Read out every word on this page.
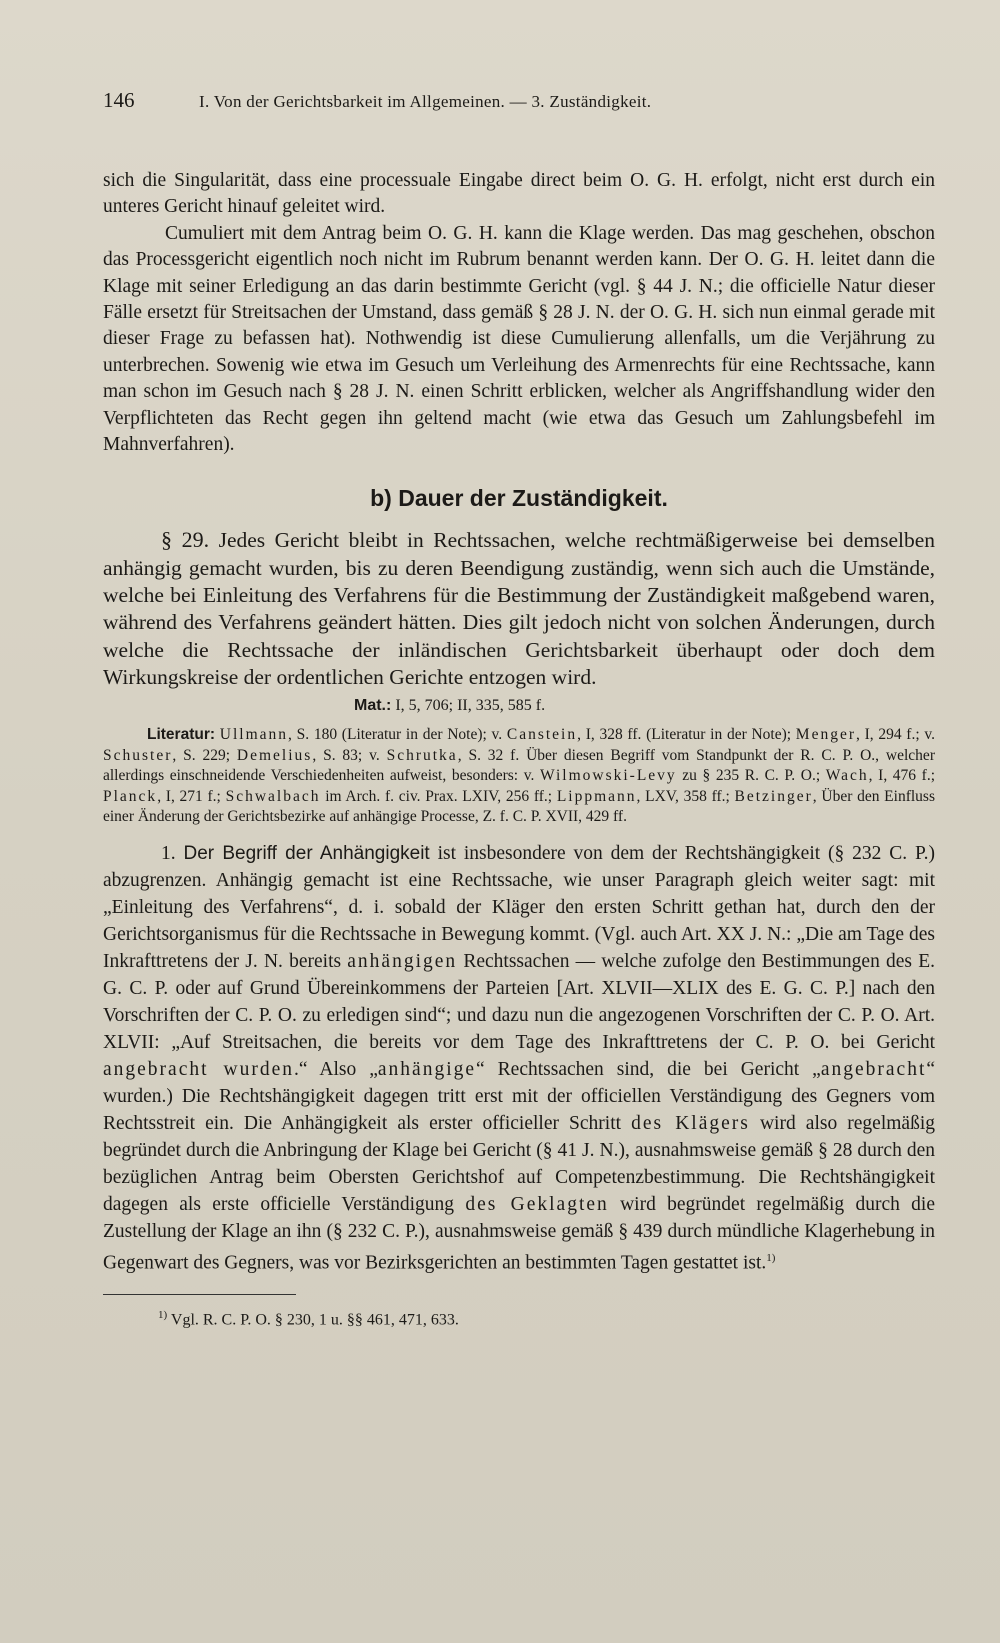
146	I. Von der Gerichtsbarkeit im Allgemeinen. — 3. Zuständigkeit.

sich die Singularität, dass eine processuale Eingabe direct beim O. G. H. erfolgt, nicht erst durch ein unteres Gericht hinauf geleitet wird.

Cumuliert mit dem Antrag beim O. G. H. kann die Klage werden. Das mag geschehen, obschon das Processgericht eigentlich noch nicht im Rubrum benannt werden kann. Der O. G. H. leitet dann die Klage mit seiner Erledigung an das darin bestimmte Gericht (vgl. § 44 J. N.; die officielle Natur dieser Fälle ersetzt für Streitsachen der Umstand, dass gemäß § 28 J. N. der O. G. H. sich nun einmal gerade mit dieser Frage zu befassen hat). Nothwendig ist diese Cumulierung allenfalls, um die Verjährung zu unterbrechen. Sowenig wie etwa im Gesuch um Verleihung des Armenrechts für eine Rechtssache, kann man schon im Gesuch nach § 28 J. N. einen Schritt erblicken, welcher als Angriffshandlung wider den Verpflichteten das Recht gegen ihn geltend macht (wie etwa das Gesuch um Zahlungsbefehl im Mahnverfahren).

b) Dauer der Zuständigkeit.

§ 29. Jedes Gericht bleibt in Rechtssachen, welche rechtmäßigerweise bei demselben anhängig gemacht wurden, bis zu deren Beendigung zuständig, wenn sich auch die Umstände, welche bei Einleitung des Verfahrens für die Bestimmung der Zuständigkeit maßgebend waren, während des Verfahrens geändert hätten. Dies gilt jedoch nicht von solchen Änderungen, durch welche die Rechtssache der inländischen Gerichtsbarkeit überhaupt oder doch dem Wirkungskreise der ordentlichen Gerichte entzogen wird.

Mat.: I, 5, 706; II, 335, 585 f.

Literatur: Ullmann, S. 180 (Literatur in der Note); v. Canstein, I, 328 ff. (Literatur in der Note); Menger, I, 294 f.; v. Schuster, S. 229; Demelius, S. 83; v. Schrutka, S. 32 f. Über diesen Begriff vom Standpunkt der R. C. P. O., welcher allerdings einschneidende Verschiedenheiten aufweist, besonders: v. Wilmowski-Levy zu § 235 R. C. P. O.; Wach, I, 476 f.; Planck, I, 271 f.; Schwalbach im Arch. f. civ. Prax. LXIV, 256 ff.; Lippmann, LXV, 358 ff.; Betzinger, Über den Einfluss einer Änderung der Gerichtsbezirke auf anhängige Processe, Z. f. C. P. XVII, 429 ff.

1. Der Begriff der Anhängigkeit ist insbesondere von dem der Rechtshängigkeit (§ 232 C. P.) abzugrenzen. Anhängig gemacht ist eine Rechtssache, wie unser Paragraph gleich weiter sagt: mit „Einleitung des Verfahrens“, d. i. sobald der Kläger den ersten Schritt gethan hat, durch den der Gerichtsorganismus für die Rechtssache in Bewegung kommt. (Vgl. auch Art. XX J. N.: „Die am Tage des Inkrafttretens der J. N. bereits anhängigen Rechtssachen — welche zufolge den Bestimmungen des E. G. C. P. oder auf Grund Übereinkommens der Parteien [Art. XLVII—XLIX des E. G. C. P.] nach den Vorschriften der C. P. O. zu erledigen sind“; und dazu nun die angezogenen Vorschriften der C. P. O. Art. XLVII: „Auf Streitsachen, die bereits vor dem Tage des Inkrafttretens der C. P. O. bei Gericht angebracht wurden.“ Also „anhängige“ Rechtssachen sind, die bei Gericht „angebracht“ wurden.) Die Rechtshängigkeit dagegen tritt erst mit der officiellen Verständigung des Gegners vom Rechtsstreit ein. Die Anhängigkeit als erster officieller Schritt des Klägers wird also regelmäßig begründet durch die Anbringung der Klage bei Gericht (§ 41 J. N.), ausnahmsweise gemäß § 28 durch den bezüglichen Antrag beim Obersten Gerichtshof auf Competenzbestimmung. Die Rechtshängigkeit dagegen als erste officielle Verständigung des Geklagten wird begründet regelmäßig durch die Zustellung der Klage an ihn (§ 232 C. P.), ausnahmsweise gemäß § 439 durch mündliche Klagerhebung in Gegenwart des Gegners, was vor Bezirksgerichten an bestimmten Tagen gestattet ist.$^{1)}$

$^{1)}$ Vgl. R. C. P. O. § 230, 1 u. §§ 461, 471, 633.
